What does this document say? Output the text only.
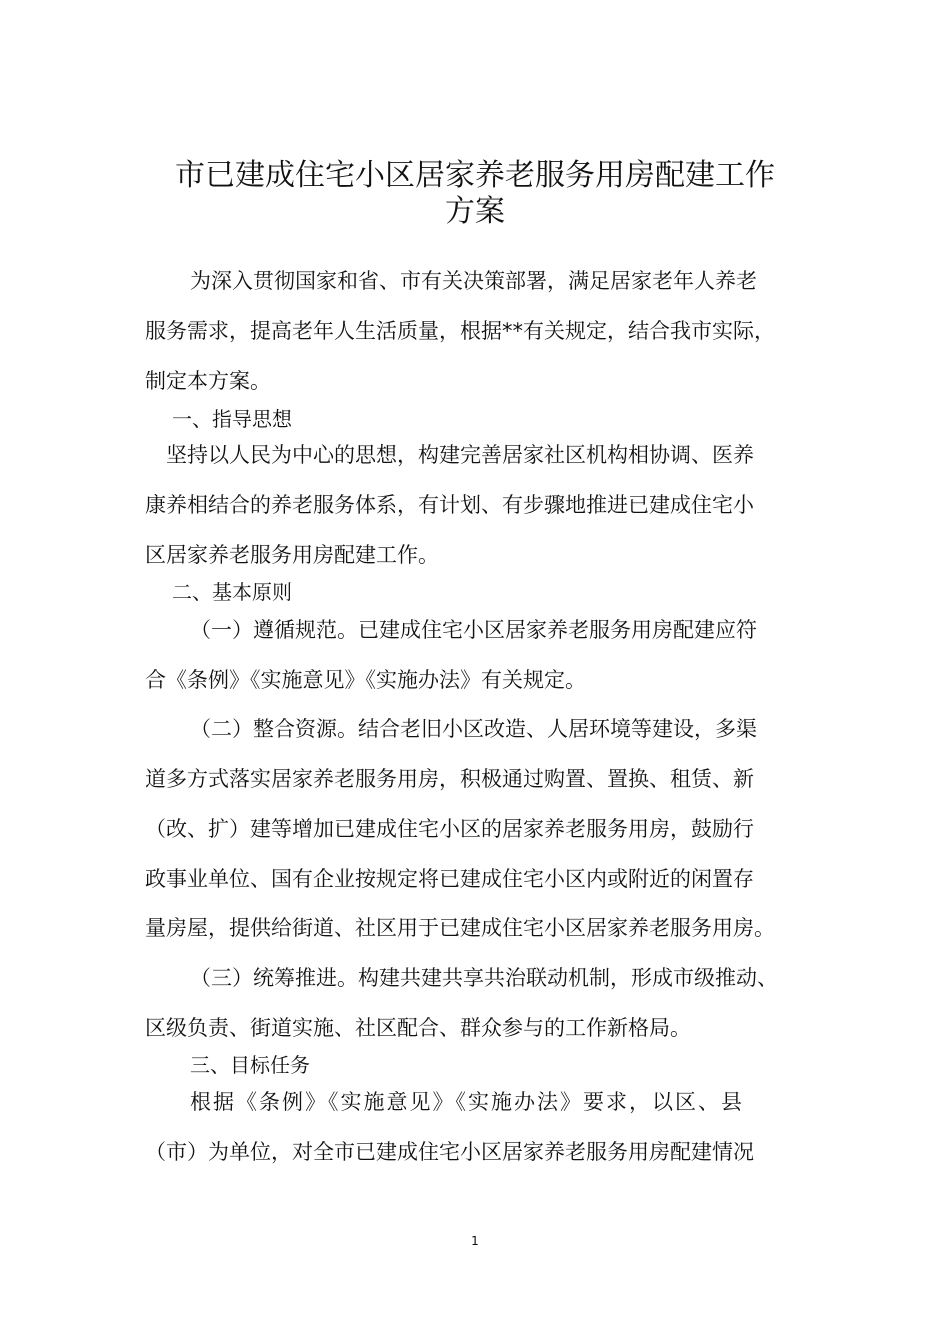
市已建成住宅小区居家养老服务用房配建工作
方案
为深入贯彻国家和省、市有关决策部署，满足居家老年人养老
服务需求，提高老年人生活质量，根据**有关规定，结合我市实际，
制定本方案。
一、指导思想
坚持以人民为中心的思想，构建完善居家社区机构相协调、医养
康养相结合的养老服务体系，有计划、有步骤地推进已建成住宅小
区居家养老服务用房配建工作。
二、基本原则
（一）遵循规范。已建成住宅小区居家养老服务用房配建应符
合《条例》《实施意见》《实施办法》有关规定。
（二）整合资源。结合老旧小区改造、人居环境等建设，多渠
道多方式落实居家养老服务用房，积极通过购置、置换、租赁、新
（改、扩）建等增加已建成住宅小区的居家养老服务用房，鼓励行
政事业单位、国有企业按规定将已建成住宅小区内或附近的闲置存
量房屋，提供给街道、社区用于已建成住宅小区居家养老服务用房。
（三）统筹推进。构建共建共享共治联动机制，形成市级推动、
区级负责、街道实施、社区配合、群众参与的工作新格局。
三、目标任务
根据《条例》《实施意见》《实施办法》要求，以区、县
（市）为单位，对全市已建成住宅小区居家养老服务用房配建情况
1
